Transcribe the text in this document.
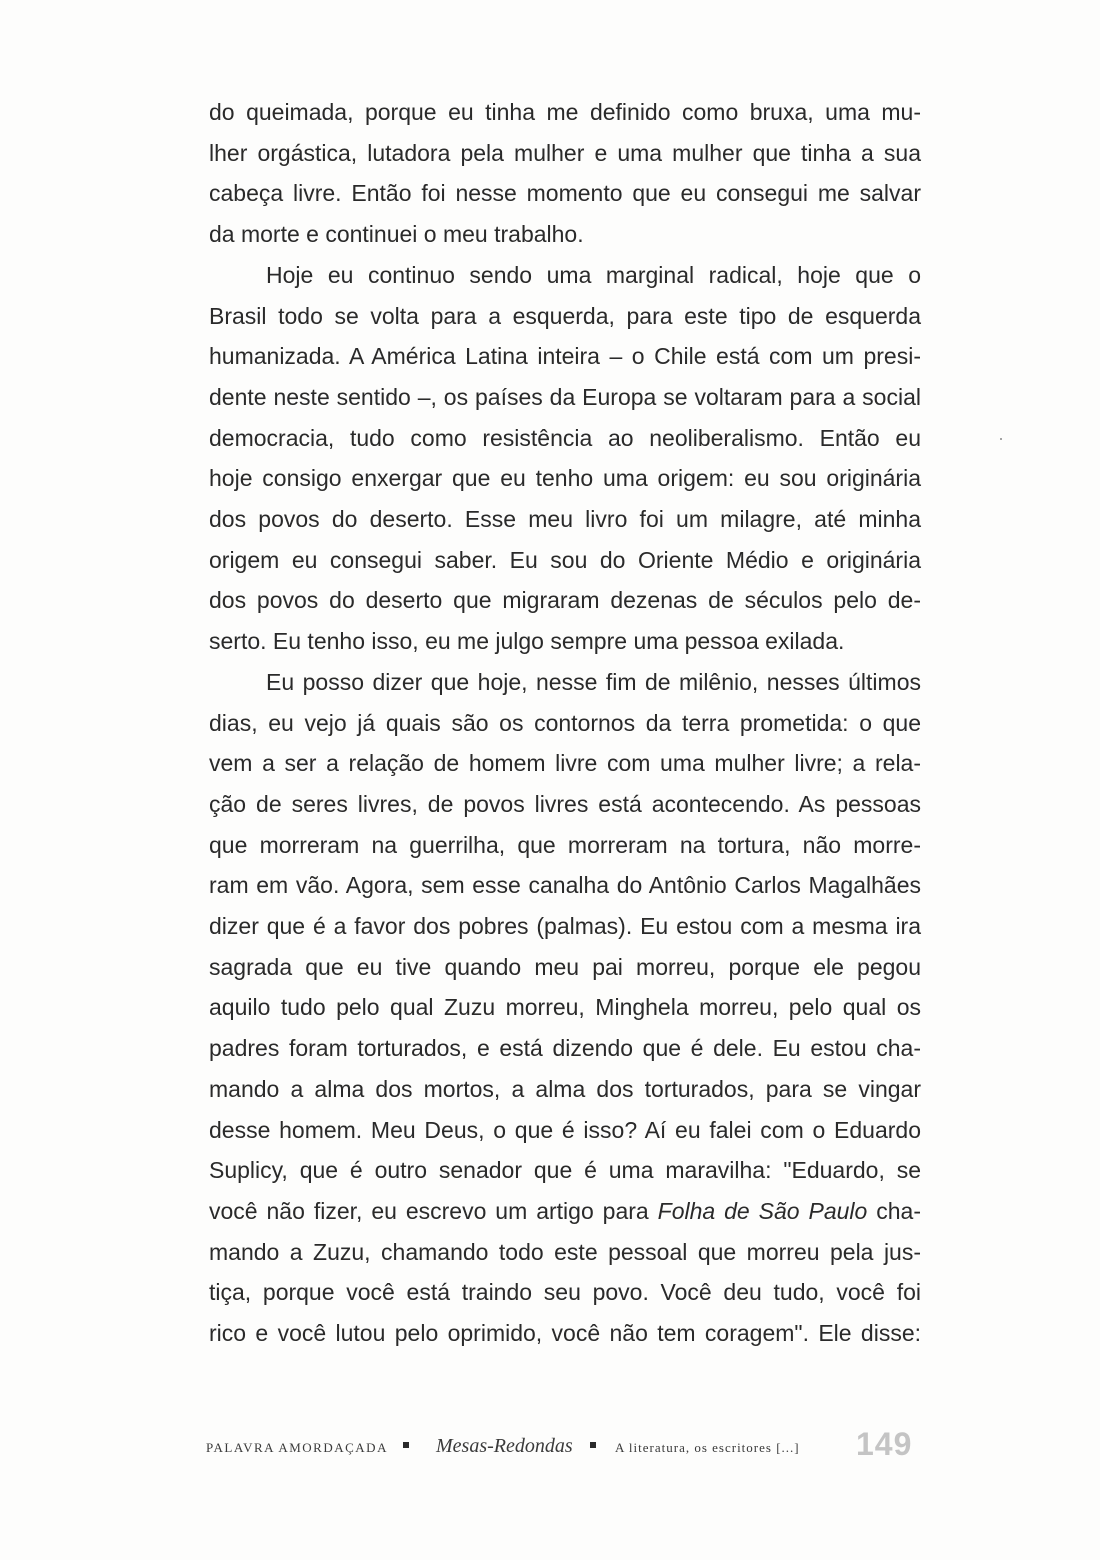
do queimada, porque eu tinha me definido como bruxa, uma mu-
lher orgástica, lutadora pela mulher e uma mulher que tinha a sua
cabeça livre. Então foi nesse momento que eu consegui me salvar
da morte e continuei o meu trabalho.
Hoje eu continuo sendo uma marginal radical, hoje que o
Brasil todo se volta para a esquerda, para este tipo de esquerda
humanizada. A América Latina inteira – o Chile está com um presi-
dente neste sentido –, os países da Europa se voltaram para a social
democracia, tudo como resistência ao neoliberalismo. Então eu
hoje consigo enxergar que eu tenho uma origem: eu sou originária
dos povos do deserto. Esse meu livro foi um milagre, até minha
origem eu consegui saber. Eu sou do Oriente Médio e originária
dos povos do deserto que migraram dezenas de séculos pelo de-
serto. Eu tenho isso, eu me julgo sempre uma pessoa exilada.
Eu posso dizer que hoje, nesse fim de milênio, nesses últimos
dias, eu vejo já quais são os contornos da terra prometida: o que
vem a ser a relação de homem livre com uma mulher livre; a rela-
ção de seres livres, de povos livres está acontecendo. As pessoas
que morreram na guerrilha, que morreram na tortura, não morre-
ram em vão. Agora, sem esse canalha do Antônio Carlos Magalhães
dizer que é a favor dos pobres (palmas). Eu estou com a mesma ira
sagrada que eu tive quando meu pai morreu, porque ele pegou
aquilo tudo pelo qual Zuzu morreu, Minghela morreu, pelo qual os
padres foram torturados, e está dizendo que é dele. Eu estou cha-
mando a alma dos mortos, a alma dos torturados, para se vingar
desse homem. Meu Deus, o que é isso? Aí eu falei com o Eduardo
Suplicy, que é outro senador que é uma maravilha: "Eduardo, se
você não fizer, eu escrevo um artigo para Folha de São Paulo cha-
mando a Zuzu, chamando todo este pessoal que morreu pela jus-
tiça, porque você está traindo seu povo. Você deu tudo, você foi
rico e você lutou pelo oprimido, você não tem coragem". Ele disse:
PALAVRA AMORDAÇADA Mesas-Redondas	A literatura, os escritores [...] 149
